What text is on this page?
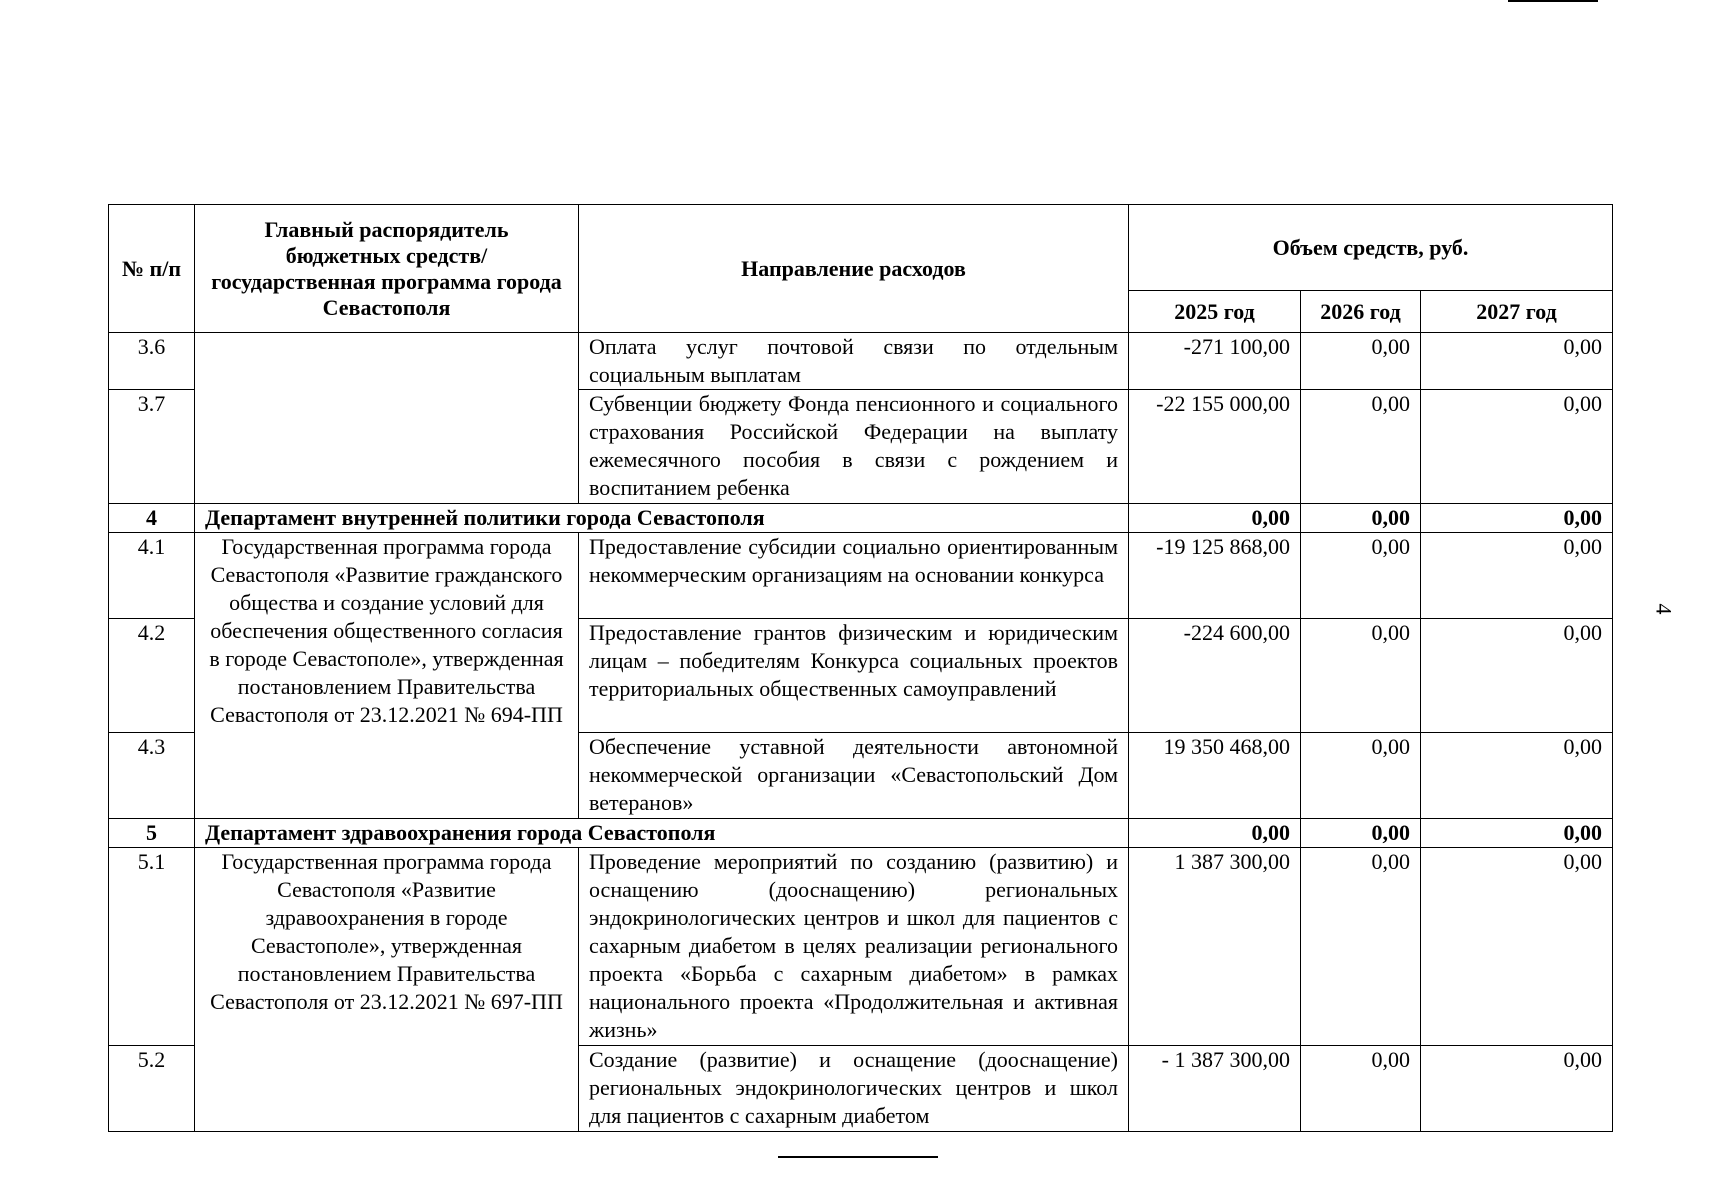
4
№ п/п	Главный распорядитель бюджетных средств/государственная программа города Севастополя	Направление расходов	Объем средств, руб.		
			2025 год	2026 год	2027 год
3.6		Оплата услуг почтовой связи по отдельным социальным выплатам	-271 100,00	0,00	0,00
3.7		Субвенции бюджету Фонда пенсионного и социального страхования Российской Федерации на выплату ежемесячного пособия в связи с рождением и воспитанием ребенка	-22 155 000,00	0,00	0,00
4	Департамент внутренней политики города Севастополя		0,00	0,00	0,00
4.1	Государственная программа города Севастополя «Развитие гражданского общества и создание условий для обеспечения общественного согласия в городе Севастополе», утвержденная постановлением Правительства Севастополя от 23.12.2021 № 694-ПП	Предоставление субсидии социально ориентированным некоммерческим организациям на основании конкурса	-19 125 868,00	0,00	0,00
4.2		Предоставление грантов физическим и юридическим лицам – победителям Конкурса социальных проектов территориальных общественных самоуправлений	-224 600,00	0,00	0,00
4.3		Обеспечение уставной деятельности автономной некоммерческой организации «Севастопольский Дом ветеранов»	19 350 468,00	0,00	0,00
5	Департамент здравоохранения города Севастополя		0,00	0,00	0,00
5.1	Государственная программа города Севастополя «Развитие здравоохранения в городе Севастополе», утвержденная постановлением Правительства Севастополя от 23.12.2021 № 697-ПП	Проведение мероприятий по созданию (развитию) и оснащению (дооснащению) региональных эндокринологических центров и школ для пациентов с сахарным диабетом в целях реализации регионального проекта «Борьба с сахарным диабетом» в рамках национального проекта «Продолжительная и активная жизнь»	1 387 300,00	0,00	0,00
5.2		Создание (развитие) и оснащение (дооснащение) региональных эндокринологических центров и школ для пациентов с сахарным диабетом	- 1 387 300,00	0,00	0,00
